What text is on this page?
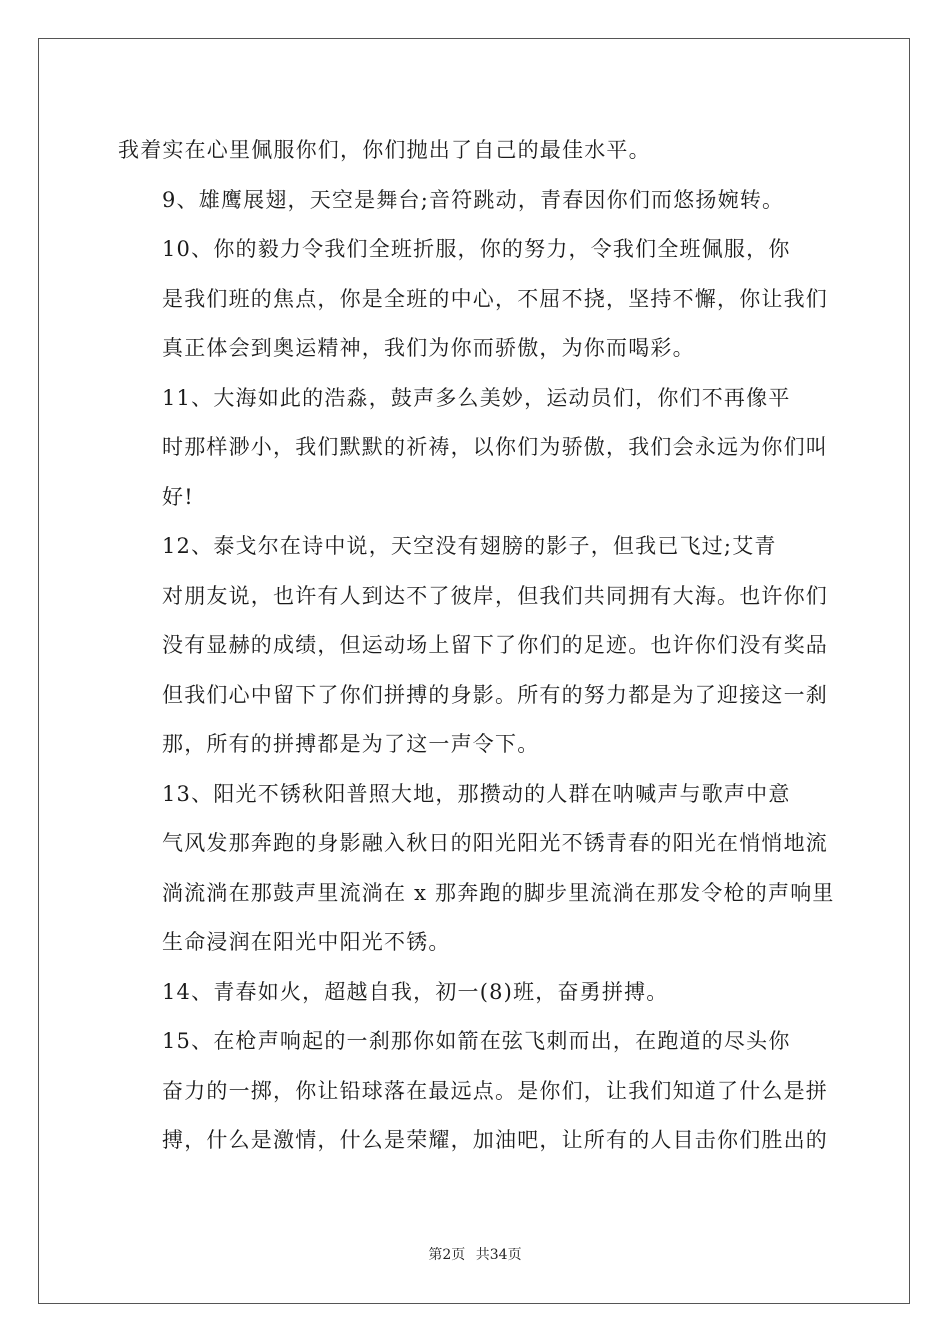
我着实在心里佩服你们，你们抛出了自己的最佳水平。

9、雄鹰展翅，天空是舞台;音符跳动，青春因你们而悠扬婉转。

10、你的毅力令我们全班折服，你的努力，令我们全班佩服，你
是我们班的焦点，你是全班的中心，不屈不挠，坚持不懈，你让我们
真正体会到奥运精神，我们为你而骄傲，为你而喝彩。

11、大海如此的浩淼，鼓声多么美妙，运动员们，你们不再像平
时那样渺小，我们默默的祈祷，以你们为骄傲，我们会永远为你们叫
好!

12、泰戈尔在诗中说，天空没有翅膀的影子，但我已飞过;艾青
对朋友说，也许有人到达不了彼岸，但我们共同拥有大海。也许你们
没有显赫的成绩，但运动场上留下了你们的足迹。也许你们没有奖品
但我们心中留下了你们拼搏的身影。所有的努力都是为了迎接这一刹
那，所有的拼搏都是为了这一声令下。

13、阳光不锈秋阳普照大地，那攒动的人群在呐喊声与歌声中意
气风发那奔跑的身影融入秋日的阳光阳光不锈青春的阳光在悄悄地流
淌流淌在那鼓声里流淌在 x 那奔跑的脚步里流淌在那发令枪的声响里
生命浸润在阳光中阳光不锈。

14、青春如火，超越自我，初一(8)班，奋勇拼搏。

15、在枪声响起的一刹那你如箭在弦飞刺而出，在跑道的尽头你
奋力的一掷，你让铅球落在最远点。是你们，让我们知道了什么是拼
搏，什么是激情，什么是荣耀，加油吧，让所有的人目击你们胜出的

第2页 共34页
